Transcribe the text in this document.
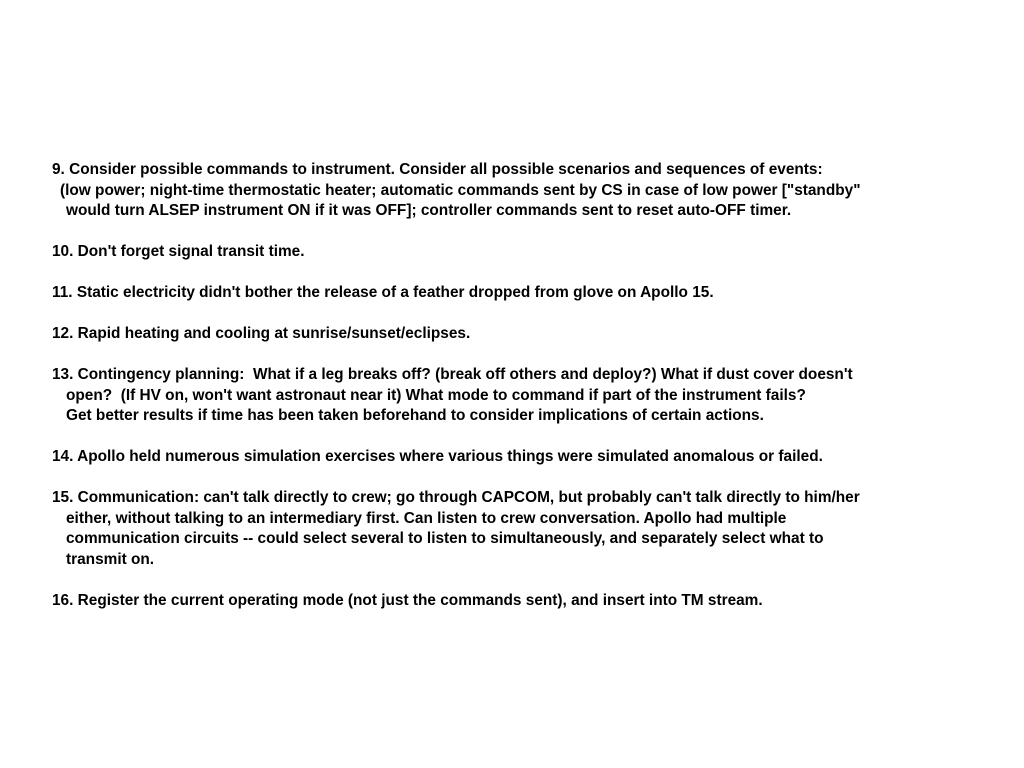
9. Consider possible commands to instrument. Consider all possible scenarios and sequences of events:
(low power; night-time thermostatic heater; automatic commands sent by CS in case of low power ["standby"
would turn ALSEP instrument ON if it was OFF]; controller commands sent to reset auto-OFF timer.
10. Don't forget signal transit time.
11. Static electricity didn't bother the release of a feather dropped from glove on Apollo 15.
12. Rapid heating and cooling at sunrise/sunset/eclipses.
13. Contingency planning:  What if a leg breaks off? (break off others and deploy?) What if dust cover doesn't
open?  (If HV on, won't want astronaut near it) What mode to command if part of the instrument fails?
Get better results if time has been taken beforehand to consider implications of certain actions.
14. Apollo held numerous simulation exercises where various things were simulated anomalous or failed.
15. Communication: can't talk directly to crew; go through CAPCOM, but probably can't talk directly to him/her
either, without talking to an intermediary first. Can listen to crew conversation. Apollo had multiple
communication circuits -- could select several to listen to simultaneously, and separately select what to
transmit on.
16. Register the current operating mode (not just the commands sent), and insert into TM stream.
